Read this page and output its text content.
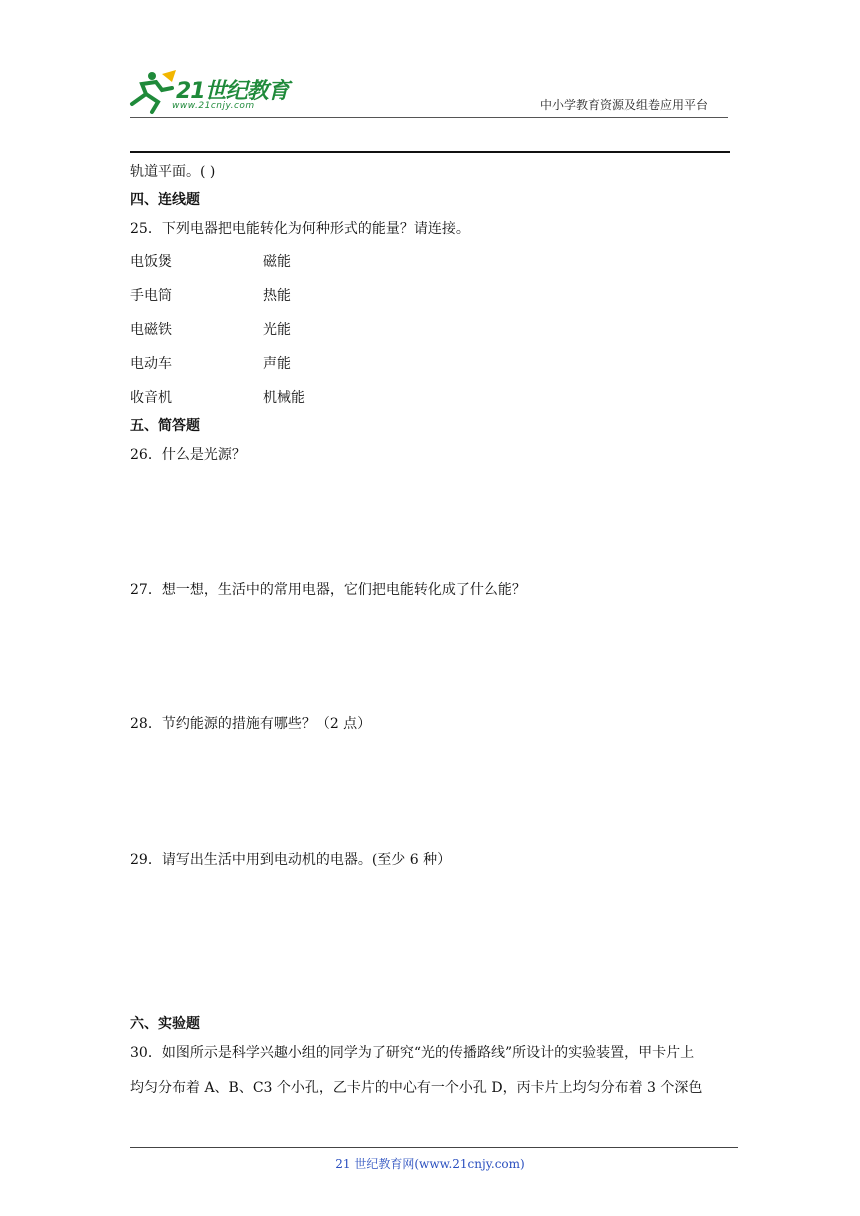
21世纪教育
www.21cnjy.com	中小学教育资源及组卷应用平台
轨道平面。( )
四、连线题
25．下列电器把电能转化为何种形式的能量？请连接。
电饭煲	磁能
手电筒	热能
电磁铁	光能
电动车	声能
收音机	机械能
五、简答题
26．什么是光源？
27．想一想，生活中的常用电器，它们把电能转化成了什么能？
28．节约能源的措施有哪些？（2 点）
29．请写出生活中用到电动机的电器。(至少 6 种）
六、实验题
30．如图所示是科学兴趣小组的同学为了研究“光的传播路线”所设计的实验装置，甲卡片上
均匀分布着 A、B、C3 个小孔，乙卡片的中心有一个小孔 D，丙卡片上均匀分布着 3 个深色
21 世纪教育网(www.21cnjy.com)
